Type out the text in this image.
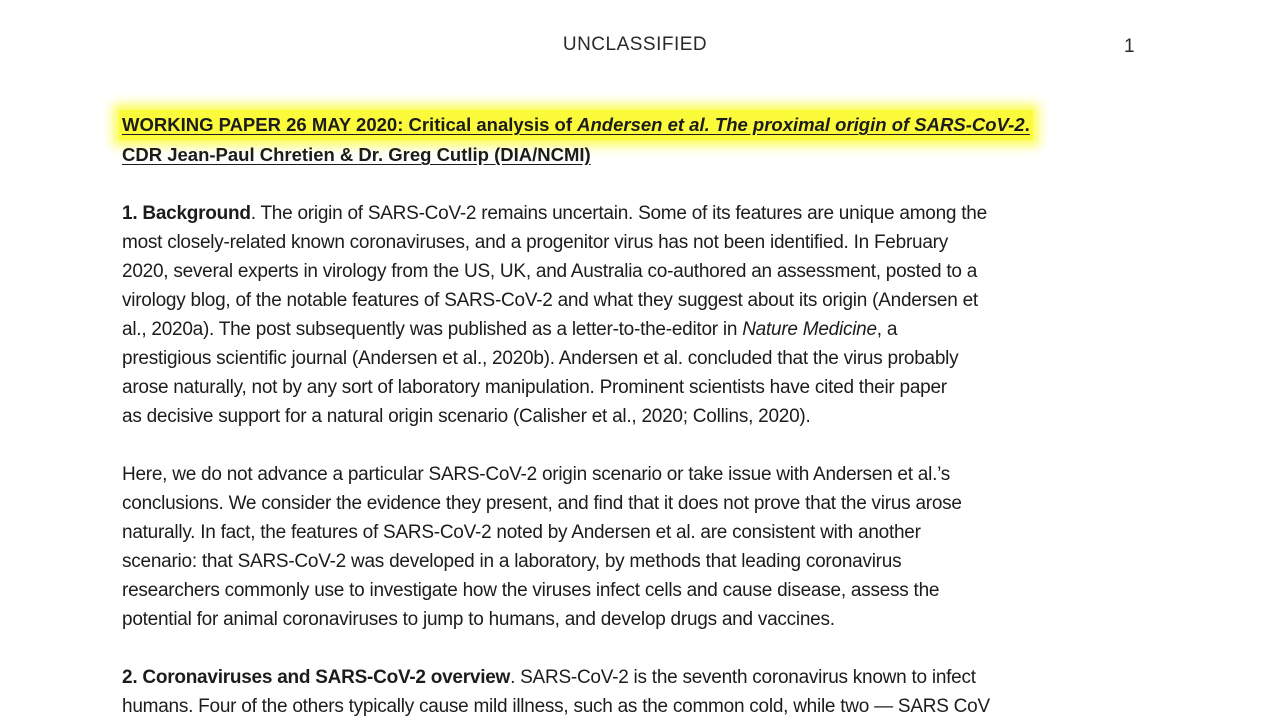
UNCLASSIFIED	1
WORKING PAPER 26 MAY 2020: Critical analysis of Andersen et al. The proximal origin of SARS-CoV-2.
CDR Jean-Paul Chretien & Dr. Greg Cutlip (DIA/NCMI)

1. Background. The origin of SARS-CoV-2 remains uncertain. Some of its features are unique among the
most closely-related known coronaviruses, and a progenitor virus has not been identified. In February
2020, several experts in virology from the US, UK, and Australia co-authored an assessment, posted to a
virology blog, of the notable features of SARS-CoV-2 and what they suggest about its origin (Andersen et
al., 2020a). The post subsequently was published as a letter-to-the-editor in Nature Medicine, a
prestigious scientific journal (Andersen et al., 2020b). Andersen et al. concluded that the virus probably
arose naturally, not by any sort of laboratory manipulation. Prominent scientists have cited their paper
as decisive support for a natural origin scenario (Calisher et al., 2020; Collins, 2020).

Here, we do not advance a particular SARS-CoV-2 origin scenario or take issue with Andersen et al.’s
conclusions. We consider the evidence they present, and find that it does not prove that the virus arose
naturally. In fact, the features of SARS-CoV-2 noted by Andersen et al. are consistent with another
scenario: that SARS-CoV-2 was developed in a laboratory, by methods that leading coronavirus
researchers commonly use to investigate how the viruses infect cells and cause disease, assess the
potential for animal coronaviruses to jump to humans, and develop drugs and vaccines.

2. Coronaviruses and SARS-CoV-2 overview. SARS-CoV-2 is the seventh coronavirus known to infect
humans. Four of the others typically cause mild illness, such as the common cold, while two — SARS CoV
